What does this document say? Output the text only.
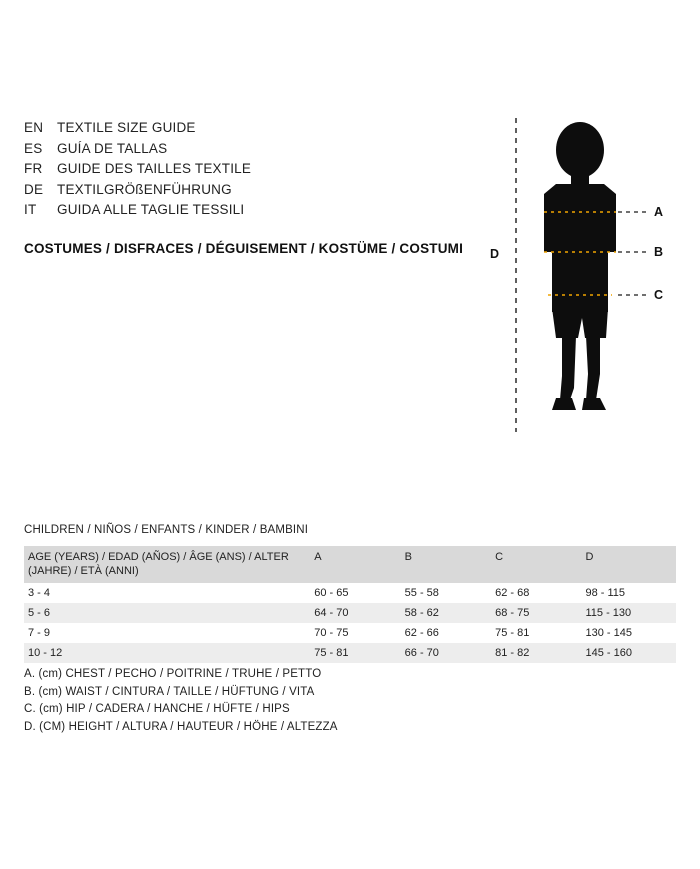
EN	TEXTILE SIZE GUIDE
ES	GUÍA DE TALLAS
FR	GUIDE DES TAILLES TEXTILE
DE	TEXTILGRÖßENFÜHRUNG
IT	GUIDA ALLE TAGLIE TESSILI
COSTUMES / DISFRACES / DÉGUISEMENT / KOSTÜME / COSTUMI
A
B
C
D
CHILDREN / NIÑOS / ENFANTS / KINDER / BAMBINI
AGE (YEARS) / EDAD (AÑOS) / ÂGE (ANS) / ALTER (JAHRE) / ETÀ (ANNI)	A	B	C	D
3 - 4	60 - 65	55 - 58	62 - 68	98 - 115
5 - 6	64 - 70	58 - 62	68 - 75	115 - 130
7 - 9	70 - 75	62 - 66	75 - 81	130 - 145
10 - 12	75 - 81	66 - 70	81 - 82	145 - 160
A. (cm) CHEST / PECHO / POITRINE / TRUHE / PETTO
B. (cm) WAIST / CINTURA / TAILLE / HÜFTUNG / VITA
C. (cm) HIP / CADERA / HANCHE / HÜFTE / HIPS
D. (CM) HEIGHT / ALTURA / HAUTEUR / HÖHE / ALTEZZA
